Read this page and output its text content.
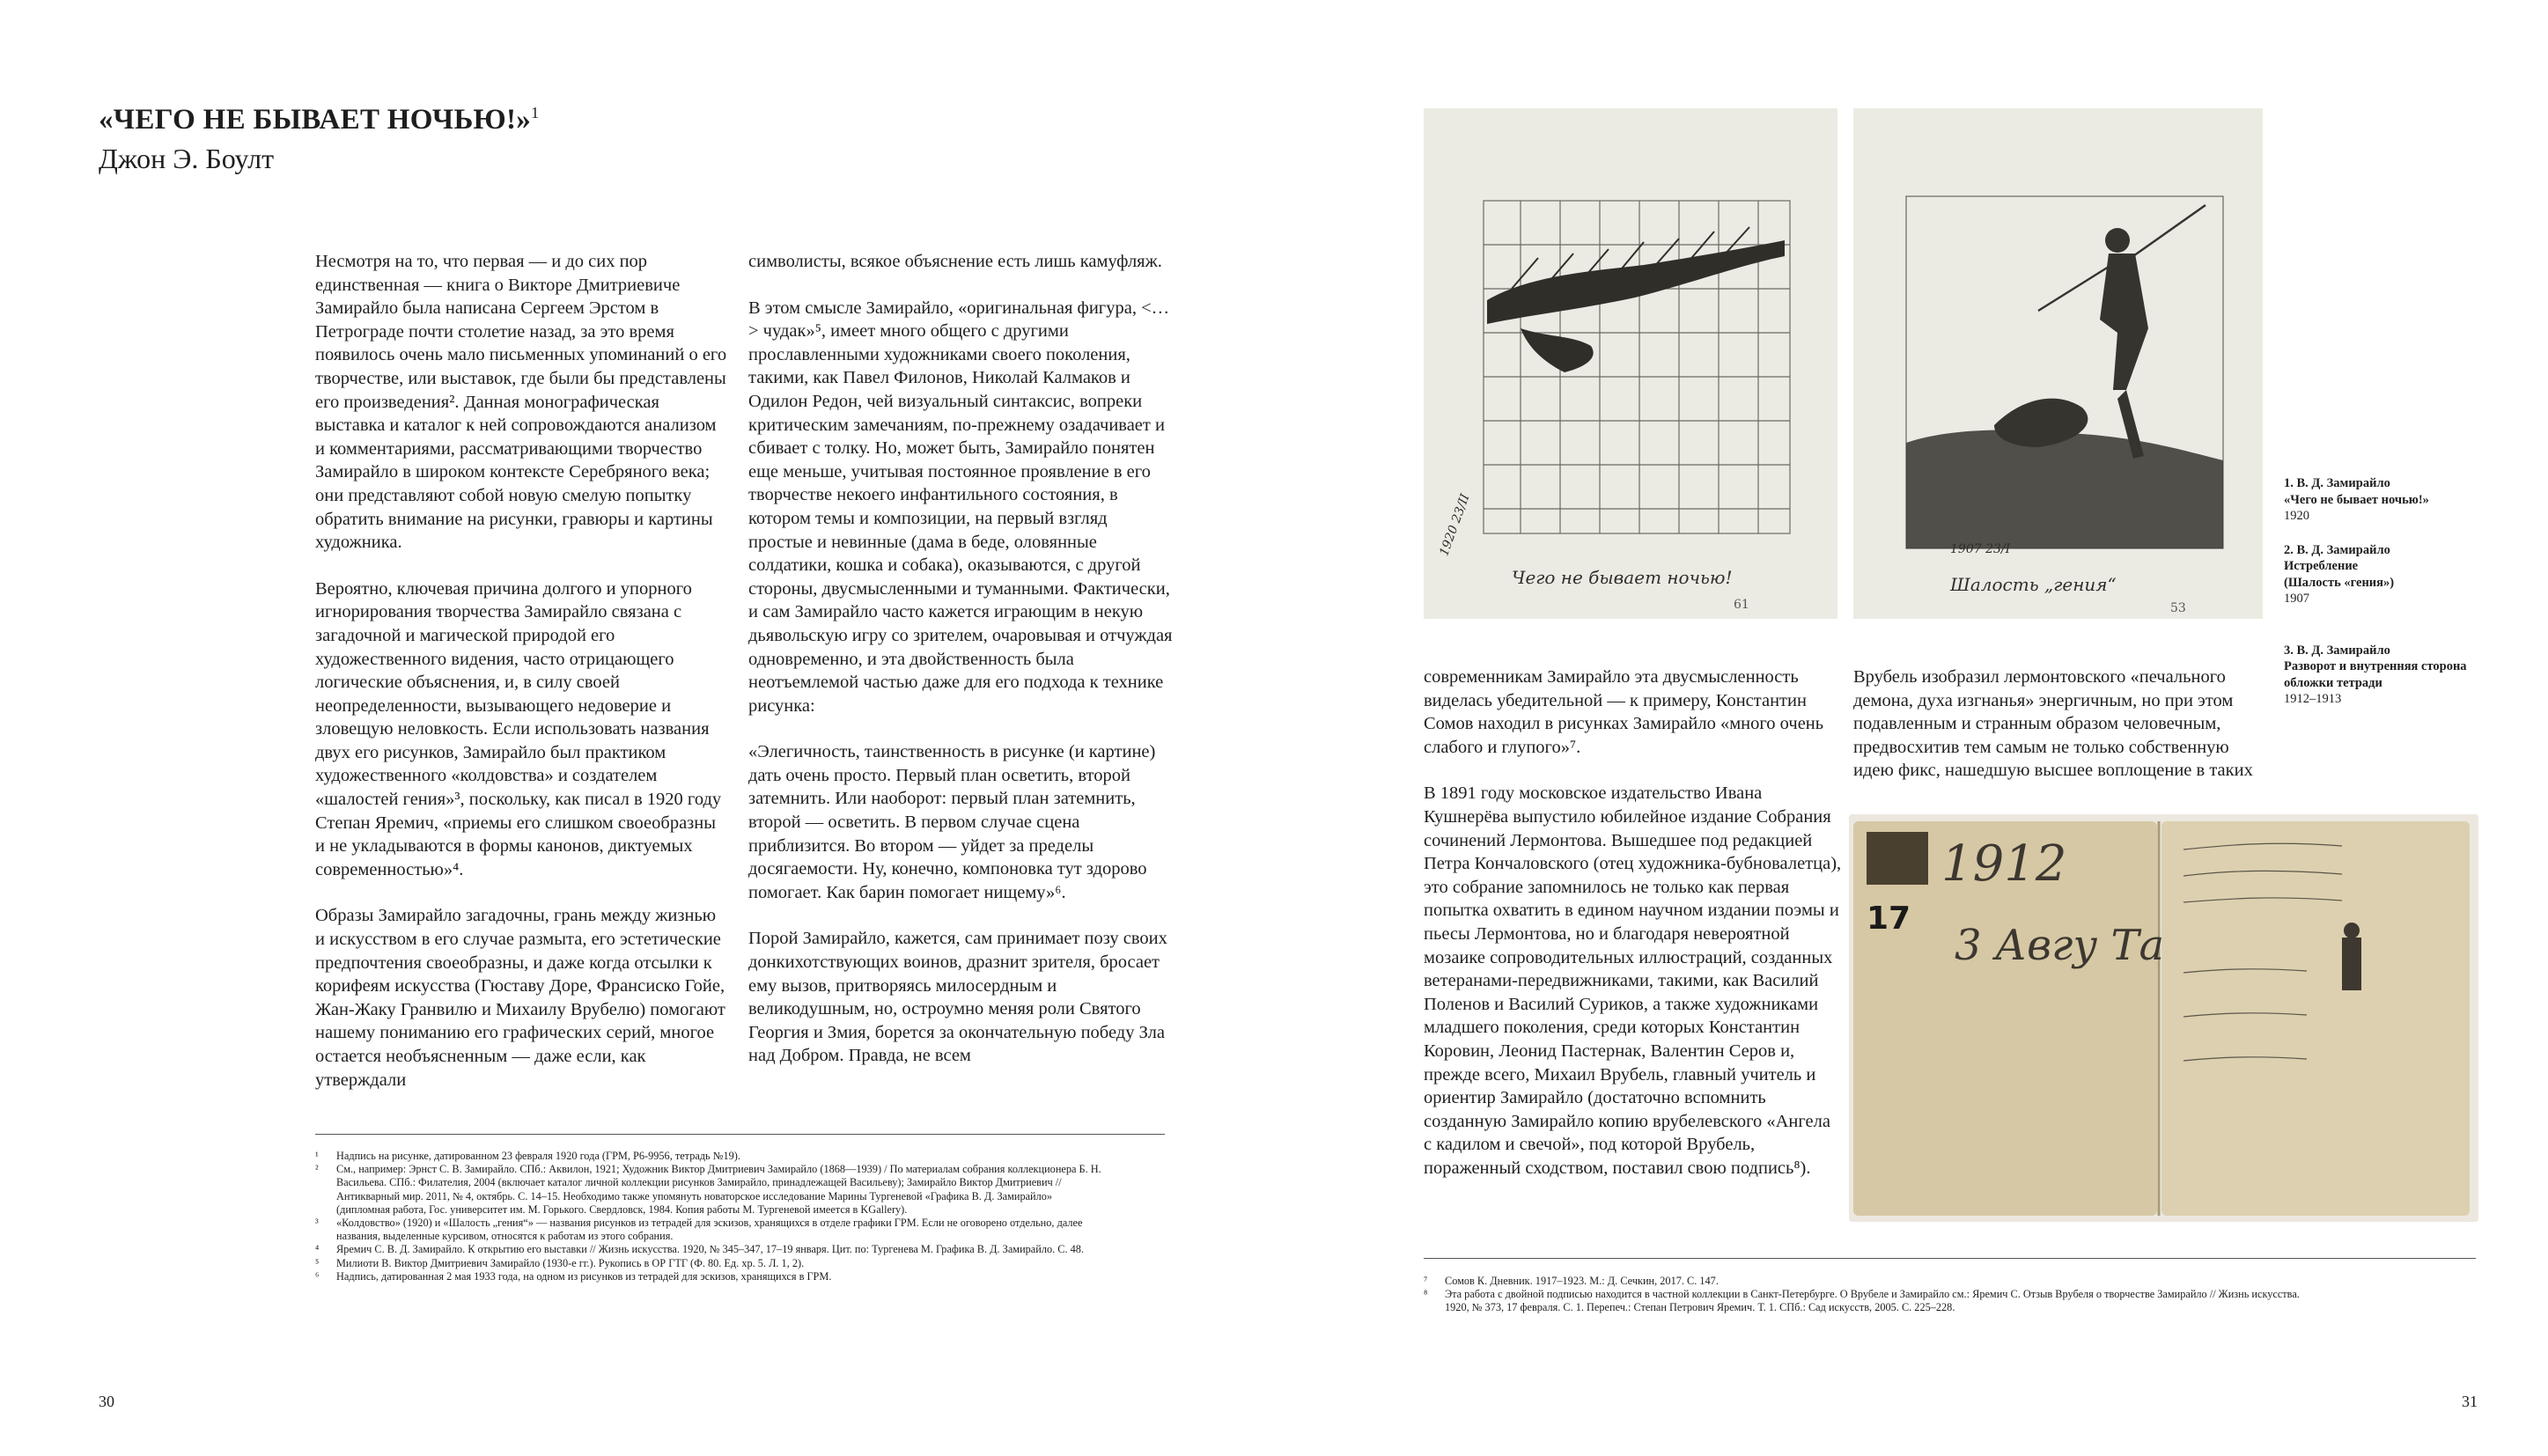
«ЧЕГО НЕ БЫВАЕТ НОЧЬЮ!»$^1$
Джон Э. Боулт

Несмотря на то, что первая — и до сих пор единственная — книга о Викторе Дмитриевиче Замирайло была написана Сергеем Эрстом в Петрограде почти столетие назад, за это время появилось очень мало письменных упоминаний о его творчестве, или выставок, где были бы представлены его произведения². Данная монографическая выставка и каталог к ней сопровождаются анализом и комментариями, рассматривающими творчество Замирайло в широком контексте Серебряного века; они представляют собой новую смелую попытку обратить внимание на рисунки, гравюры и картины художника.

Вероятно, ключевая причина долгого и упорного игнорирования творчества Замирайло связана с загадочной и магической природой его художественного видения, часто отрицающего логические объяснения, и, в силу своей неопределенности, вызывающего недоверие и зловещую неловкость. Если использовать названия двух его рисунков, Замирайло был практиком художественного «колдовства» и создателем «шалостей гения»³, поскольку, как писал в 1920 году Степан Яремич, «приемы его слишком своеобразны и не укладываются в формы канонов, диктуемых современностью»⁴.

Образы Замирайло загадочны, грань между жизнью и искусством в его случае размыта, его эстетические предпочтения своеобразны, и даже когда отсылки к корифеям искусства (Гюставу Доре, Франсиско Гойе, Жан-Жаку Гранвилю и Михаилу Врубелю) помогают нашему пониманию его графических серий, многое остается необъясненным — даже если, как утверждали

символисты, всякое объяснение есть лишь камуфляж.

В этом смысле Замирайло, «оригинальная фигура, <…> чудак»⁵, имеет много общего с другими прославленными художниками своего поколения, такими, как Павел Филонов, Николай Калмаков и Одилон Редон, чей визуальный синтаксис, вопреки критическим замечаниям, по-прежнему озадачивает и сбивает с толку. Но, может быть, Замирайло понятен еще меньше, учитывая постоянное проявление в его творчестве некоего инфантильного состояния, в котором темы и композиции, на первый взгляд простые и невинные (дама в беде, оловянные солдатики, кошка и собака), оказываются, с другой стороны, двусмысленными и туманными. Фактически, и сам Замирайло часто кажется играющим в некую дьявольскую игру со зрителем, очаровывая и отчуждая одновременно, и эта двойственность была неотъемлемой частью даже для его подхода к технике рисунка:

«Элегичность, таинственность в рисунке (и картине) дать очень просто. Первый план осветить, второй затемнить. Или наоборот: первый план затемнить, второй — осветить. В первом случае сцена приблизится. Во втором — уйдет за пределы досягаемости. Ну, конечно, компоновка тут здорово помогает. Как барин помогает нищему»⁶.

Порой Замирайло, кажется, сам принимает позу своих донкихотствующих воинов, дразнит зрителя, бросает ему вызов, притворяясь милосердным и великодушным, но, остроумно меняя роли Святого Георгия и Змия, борется за окончательную победу Зла над Добром. Правда, не всем

¹	Надпись на рисунке, датированном 23 февраля 1920 года (ГРМ, Р6-9956, тетрадь №19).
²	См., например: Эрнст С. В. Замирайло. СПб.: Аквилон, 1921; Художник Виктор Дмитриевич Замирайло (1868—1939) / По материалам собрания коллекционера Б. Н. Васильева. СПб.: Филателия, 2004 (включает каталог личной коллекции рисунков Замирайло, принадлежащей Васильеву); Замирайло Виктор Дмитриевич // Антикварный мир. 2011, № 4, октябрь. С. 14–15. Необходимо также упомянуть новаторское исследование Марины Тургеневой «Графика В. Д. Замирайло» (дипломная работа, Гос. университет им. М. Горького. Свердловск, 1984. Копия работы М. Тургеневой имеется в KGallery).
³	«Колдовство» (1920) и «Шалость „гения“» — названия рисунков из тетрадей для эскизов, хранящихся в отделе графики ГРМ. Если не оговорено отдельно, далее названия, выделенные курсивом, относятся к работам из этого собрания.
⁴	Яремич С. В. Д. Замирайло. К открытию его выставки // Жизнь искусства. 1920, № 345–347, 17–19 января. Цит. по: Тургенева М. Графика В. Д. Замирайло. С. 48.
⁵	Милиоти В. Виктор Дмитриевич Замирайло (1930-е гг.). Рукопись в ОР ГТГ (Ф. 80. Ед. хр. 5. Л. 1, 2).
⁶	Надпись, датированная 2 мая 1933 года, на одном из рисунков из тетрадей для эскизов, хранящихся в ГРМ.
30
Чего не бывает ночью!
1920 23/II
61
Шалость „гения“
1907 23/I
53
1. В. Д. Замирайло
«Чего не бывает ночью!»
1920
2. В. Д. Замирайло
Истребление
(Шалость «гения»)
1907
3. В. Д. Замирайло
Разворот и внутренняя сторона обложки тетради
1912–1913

современникам Замирайло эта двусмысленность виделась убедительной — к примеру, Константин Сомов находил в рисунках Замирайло «много очень слабого и глупого»⁷.

В 1891 году московское издательство Ивана Кушнерёва выпустило юбилейное издание Собрания сочинений Лермонтова. Вышедшее под редакцией Петра Кончаловского (отец художника-бубновалетца), это собрание запомнилось не только как первая попытка охватить в едином научном издании поэмы и пьесы Лермонтова, но и благодаря невероятной мозаике сопроводительных иллюстраций, созданных ветеранами-передвижниками, такими, как Василий Поленов и Василий Суриков, а также художниками младшего поколения, среди которых Константин Коровин, Леонид Пастернак, Валентин Серов и, прежде всего, Михаил Врубель, главный учитель и ориентир Замирайло (достаточно вспомнить созданную Замирайло копию врубелевского «Ангела с кадилом и свечой», под которой Врубель, пораженный сходством, поставил свою подпись⁸).

Врубель изобразил лермонтовского «печального демона, духа изгнанья» энергичным, но при этом подавленным и странным образом человечным, предвосхитив тем самым не только собственную идею фикс, нашедшую высшее воплощение в таких

1912
3 Авгу Та
17
⁷	Сомов К. Дневник. 1917–1923. М.: Д. Сечкин, 2017. С. 147.
⁸	Эта работа с двойной подписью находится в частной коллекции в Санкт-Петербурге. О Врубеле и Замирайло см.: Яремич С. Отзыв Врубеля о творчестве Замирайло // Жизнь искусства. 1920, № 373, 17 февраля. С. 1. Перепеч.: Степан Петрович Яремич. Т. 1. СПб.: Сад искусств, 2005. С. 225–228.
31
